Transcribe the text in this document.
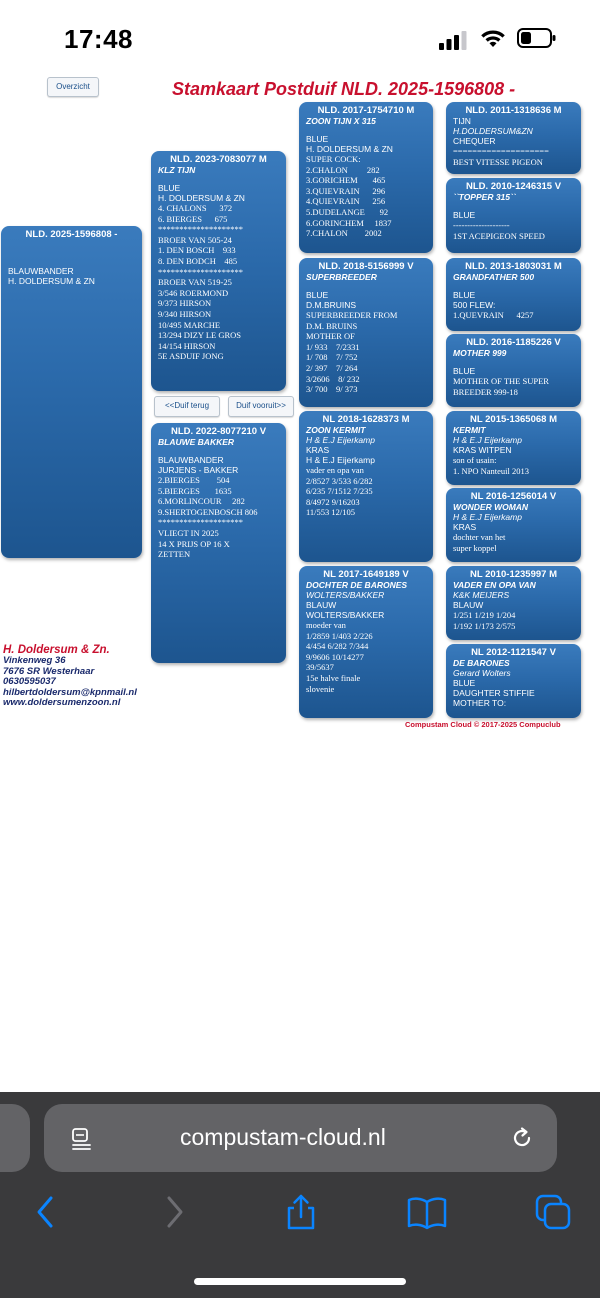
17:48
Overzicht	Stamkaart Postduif NLD. 2025-1596808 -
NLD. 2025-1596808 -
BLAUWBANDER
H. DOLDERSUM & ZN
NLD. 2023-7083077 M
KLZ TIJN
BLUE
H. DOLDERSUM & ZN
4. CHALONS      372
6. BIERGES      675
********************
BROER VAN 505-24
1. DEN BOSCH    933
8. DEN BODCH    485
********************
BROER VAN 519-25
3/546 ROERMOND
9/373 HIRSON
9/340 HIRSON
10/495 MARCHE
13/294 DIZY LE GROS
14/154 HIRSON
5E ASDUIF JONG
<<Duif terug	Duif vooruit>>
NLD. 2022-8077210 V
BLAUWE BAKKER
BLAUWBANDER
JURJENS - BAKKER
2.BIERGES        504
5.BIERGES       1635
6.MORLINCOUR     282
9.SHERTOGENBOSCH 806
********************
VLIEGT IN 2025
14 X PRIJS OP 16 X
ZETTEN
NLD. 2017-1754710 M
ZOON TIJN X 315
BLUE
H. DOLDERSUM & ZN
SUPER COCK:
2.CHALON         282
3.GORICHEM       465
3.QUIEVRAIN      296
4.QUIEVRAIN      256
5.DUDELANGE       92
6.GORINCHEM     1837
7.CHALON        2002
NLD. 2018-5156999 V
SUPERBREEDER
BLUE
D.M.BRUINS
SUPERBREEDER FROM
D.M. BRUINS
MOTHER OF
1/ 933    7/2331
1/ 708    7/ 752
2/ 397    7/ 264
3/2606    8/ 232
3/ 700    9/ 373
NL 2018-1628373 M
ZOON KERMIT
H & E.J Eijerkamp
KRAS
H & E.J Eijerkamp
vader en opa van
2/8527 3/533 6/282
6/235 7/1512 7/235
8/4972 9/16203
11/553 12/105
NL 2017-1649189 V
DOCHTER DE BARONES
WOLTERS/BAKKER
BLAUW
WOLTERS/BAKKER
moeder van
1/2859 1/403 2/226
4/454 6/282 7/344
9/9606 10/14277
39/5637
15e halve finale
slovenie
NLD. 2011-1318636 M
TIJN
H.DOLDERSUM&ZN
CHEQUER
====================
BEST VITESSE PIGEON
NLD. 2010-1246315 V
``TOPPER 315``
BLUE
--------------------
1ST ACEPIGEON SPEED
NLD. 2013-1803031 M
GRANDFATHER 500
BLUE
500 FLEW:
1.QUEVRAIN      4257
NLD. 2016-1185226 V
MOTHER 999
BLUE
MOTHER OF THE SUPER
BREEDER 999-18
NL 2015-1365068 M
KERMIT
H & E.J Eijerkamp
KRAS WITPEN
son of usain:
1. NPO Nanteuil 2013
NL 2016-1256014 V
WONDER WOMAN
H & E.J Eijerkamp
KRAS
dochter van het
super koppel
NL 2010-1235997 M
VADER EN OPA VAN
K&K MEIJERS
BLAUW
1/251 1/219 1/204
1/192 1/173 2/575
NL 2012-1121547 V
DE BARONES
Gerard Wolters
BLUE
DAUGHTER STIFFIE
MOTHER TO:
H. Doldersum & Zn.
Vinkenweg 36
7676 SR Westerhaar
0630595037
hilbertdoldersum@kpnmail.nl
www.doldersumenzoon.nl
Compustam Cloud © 2017-2025 Compuclub
compustam-cloud.nl
